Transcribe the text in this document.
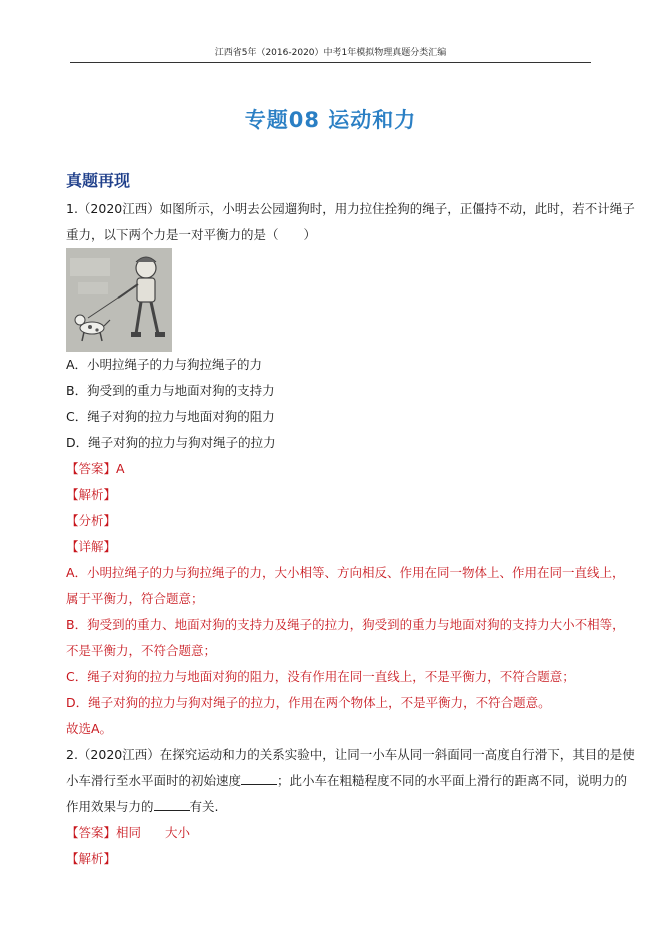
江西省5年（2016-2020）中考1年模拟物理真题分类汇编
专题08 运动和力
真题再现
1.（2020江西）如图所示，小明去公园遛狗时，用力拉住拴狗的绳子，正僵持不动，此时，若不计绳子
重力，以下两个力是一对平衡力的是（　　）
A．小明拉绳子的力与狗拉绳子的力
B．狗受到的重力与地面对狗的支持力
C．绳子对狗的拉力与地面对狗的阻力
D．绳子对狗的拉力与狗对绳子的拉力
【答案】A
【解析】
【分析】
【详解】
A．小明拉绳子的力与狗拉绳子的力，大小相等、方向相反、作用在同一物体上、作用在同一直线上，
属于平衡力，符合题意；
B．狗受到的重力、地面对狗的支持力及绳子的拉力，狗受到的重力与地面对狗的支持力大小不相等，
不是平衡力，不符合题意；
C．绳子对狗的拉力与地面对狗的阻力，没有作用在同一直线上，不是平衡力，不符合题意；
D．绳子对狗的拉力与狗对绳子的拉力，作用在两个物体上，不是平衡力，不符合题意。
故选A。
2.（2020江西）在探究运动和力的关系实验中，让同一小车从同一斜面同一高度自行滑下，其目的是使
小车滑行至水平面时的初始速度	；此小车在粗糙程度不同的水平面上滑行的距离不同，说明力的
作用效果与力的	有关.
【答案】相同 大小
【解析】
